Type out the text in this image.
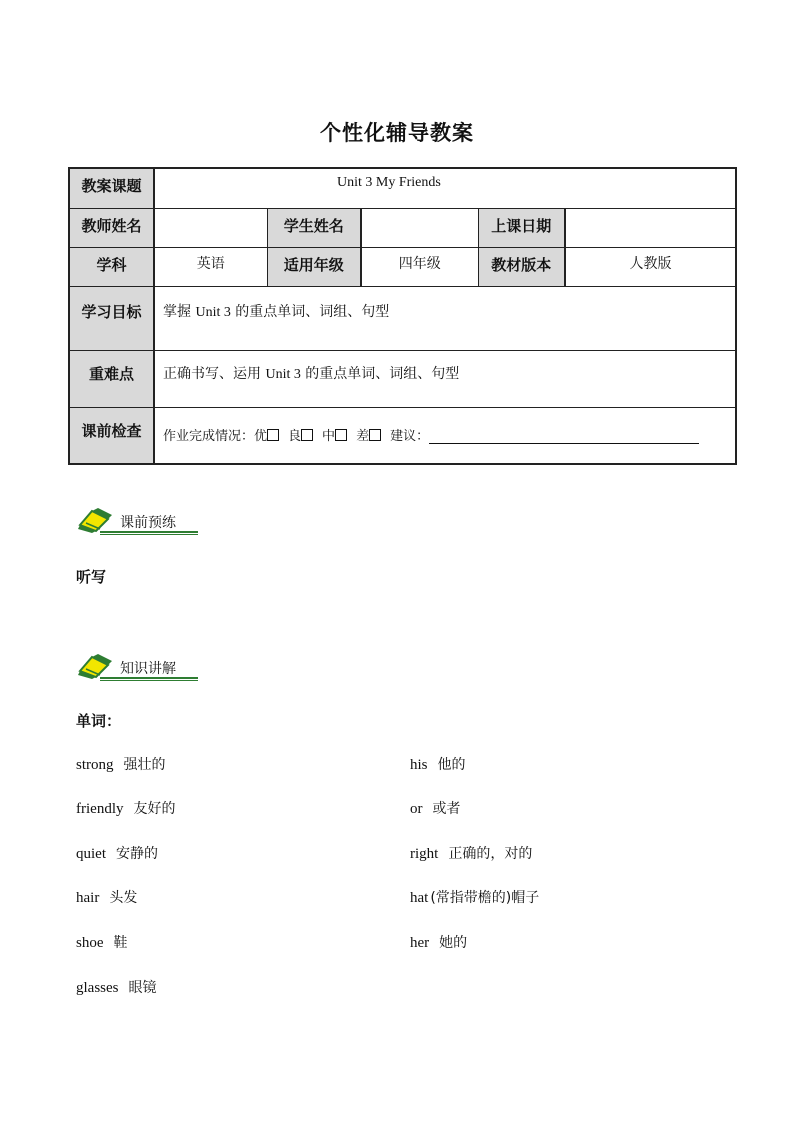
个性化辅导教案
教案课题	Unit 3 My Friends				
教师姓名		学生姓名		上课日期	
学科	英语	适用年级	四年级	教材版本	人教版
学习目标	掌握 Unit 3 的重点单词、词组、句型				
重难点	正确书写、运用 Unit 3 的重点单词、词组、句型				
课前检查	作业完成情况：优 良 中 差 建议：				
课前预练
听写
知识讲解
单词：
strong 强壮的	his 他的
friendly 友好的	or 或者
quiet 安静的	right 正确的，对的
hair 头发	hat (常指带檐的)帽子
shoe 鞋	her 她的
glasses 眼镜
